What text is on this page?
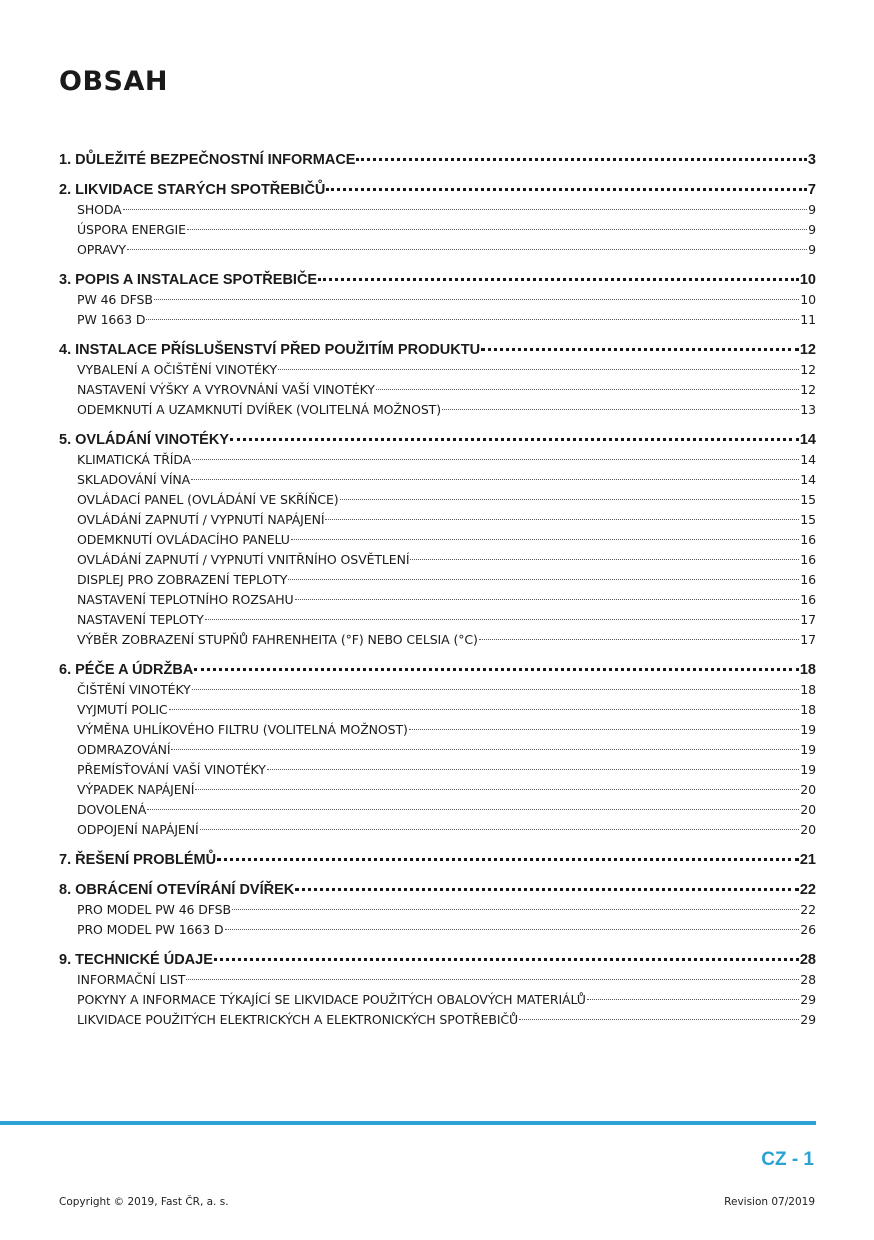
OBSAH
1. DŮLEŽITÉ BEZPEČNOSTNÍ INFORMACE	3
2. LIKVIDACE STARÝCH SPOTŘEBIČŮ	7
SHODA	9
ÚSPORA ENERGIE	9
OPRAVY	9
3. POPIS A INSTALACE SPOTŘEBIČE	10
PW 46 DFSB	10
PW 1663 D	11
4. INSTALACE PŘÍSLUŠENSTVÍ PŘED POUŽITÍM PRODUKTU	12
VYBALENÍ A OČIŠTĚNÍ VINOTÉKY	12
NASTAVENÍ VÝŠKY A VYROVNÁNÍ VAŠÍ VINOTÉKY	12
ODEMKNUTÍ A UZAMKNUTÍ DVÍŘEK (VOLITELNÁ MOŽNOST)	13
5. OVLÁDÁNÍ VINOTÉKY	14
KLIMATICKÁ TŘÍDA	14
SKLADOVÁNÍ VÍNA	14
OVLÁDACÍ PANEL (OVLÁDÁNÍ VE SKŘÍŇCE)	15
OVLÁDÁNÍ ZAPNUTÍ / VYPNUTÍ NAPÁJENÍ	15
ODEMKNUTÍ OVLÁDACÍHO PANELU	16
OVLÁDÁNÍ ZAPNUTÍ / VYPNUTÍ VNITŘNÍHO OSVĚTLENÍ	16
DISPLEJ PRO ZOBRAZENÍ TEPLOTY	16
NASTAVENÍ TEPLOTNÍHO ROZSAHU	16
NASTAVENÍ TEPLOTY	17
VÝBĚR ZOBRAZENÍ STUPŇŮ FAHRENHEITA (°F) NEBO CELSIA (°C)	17
6. PÉČE A ÚDRŽBA	18
ČIŠTĚNÍ VINOTÉKY	18
VYJMUTÍ POLIC	18
VÝMĚNA UHLÍKOVÉHO FILTRU (VOLITELNÁ MOŽNOST)	19
ODMRAZOVÁNÍ	19
PŘEMÍSŤOVÁNÍ VAŠÍ VINOTÉKY	19
VÝPADEK NAPÁJENÍ	20
DOVOLENÁ	20
ODPOJENÍ NAPÁJENÍ	20
7. ŘEŠENÍ PROBLÉMŮ	21
8. OBRÁCENÍ OTEVÍRÁNÍ DVÍŘEK	22
PRO MODEL PW 46 DFSB	22
PRO MODEL PW 1663 D	26
9. TECHNICKÉ ÚDAJE	28
INFORMAČNÍ LIST	28
POKYNY A INFORMACE TÝKAJÍCÍ SE LIKVIDACE POUŽITÝCH OBALOVÝCH MATERIÁLŮ	29
LIKVIDACE POUŽITÝCH ELEKTRICKÝCH A ELEKTRONICKÝCH SPOTŘEBIČŮ	29
CZ - 1
Copyright © 2019, Fast ČR, a. s.	Revision 07/2019
